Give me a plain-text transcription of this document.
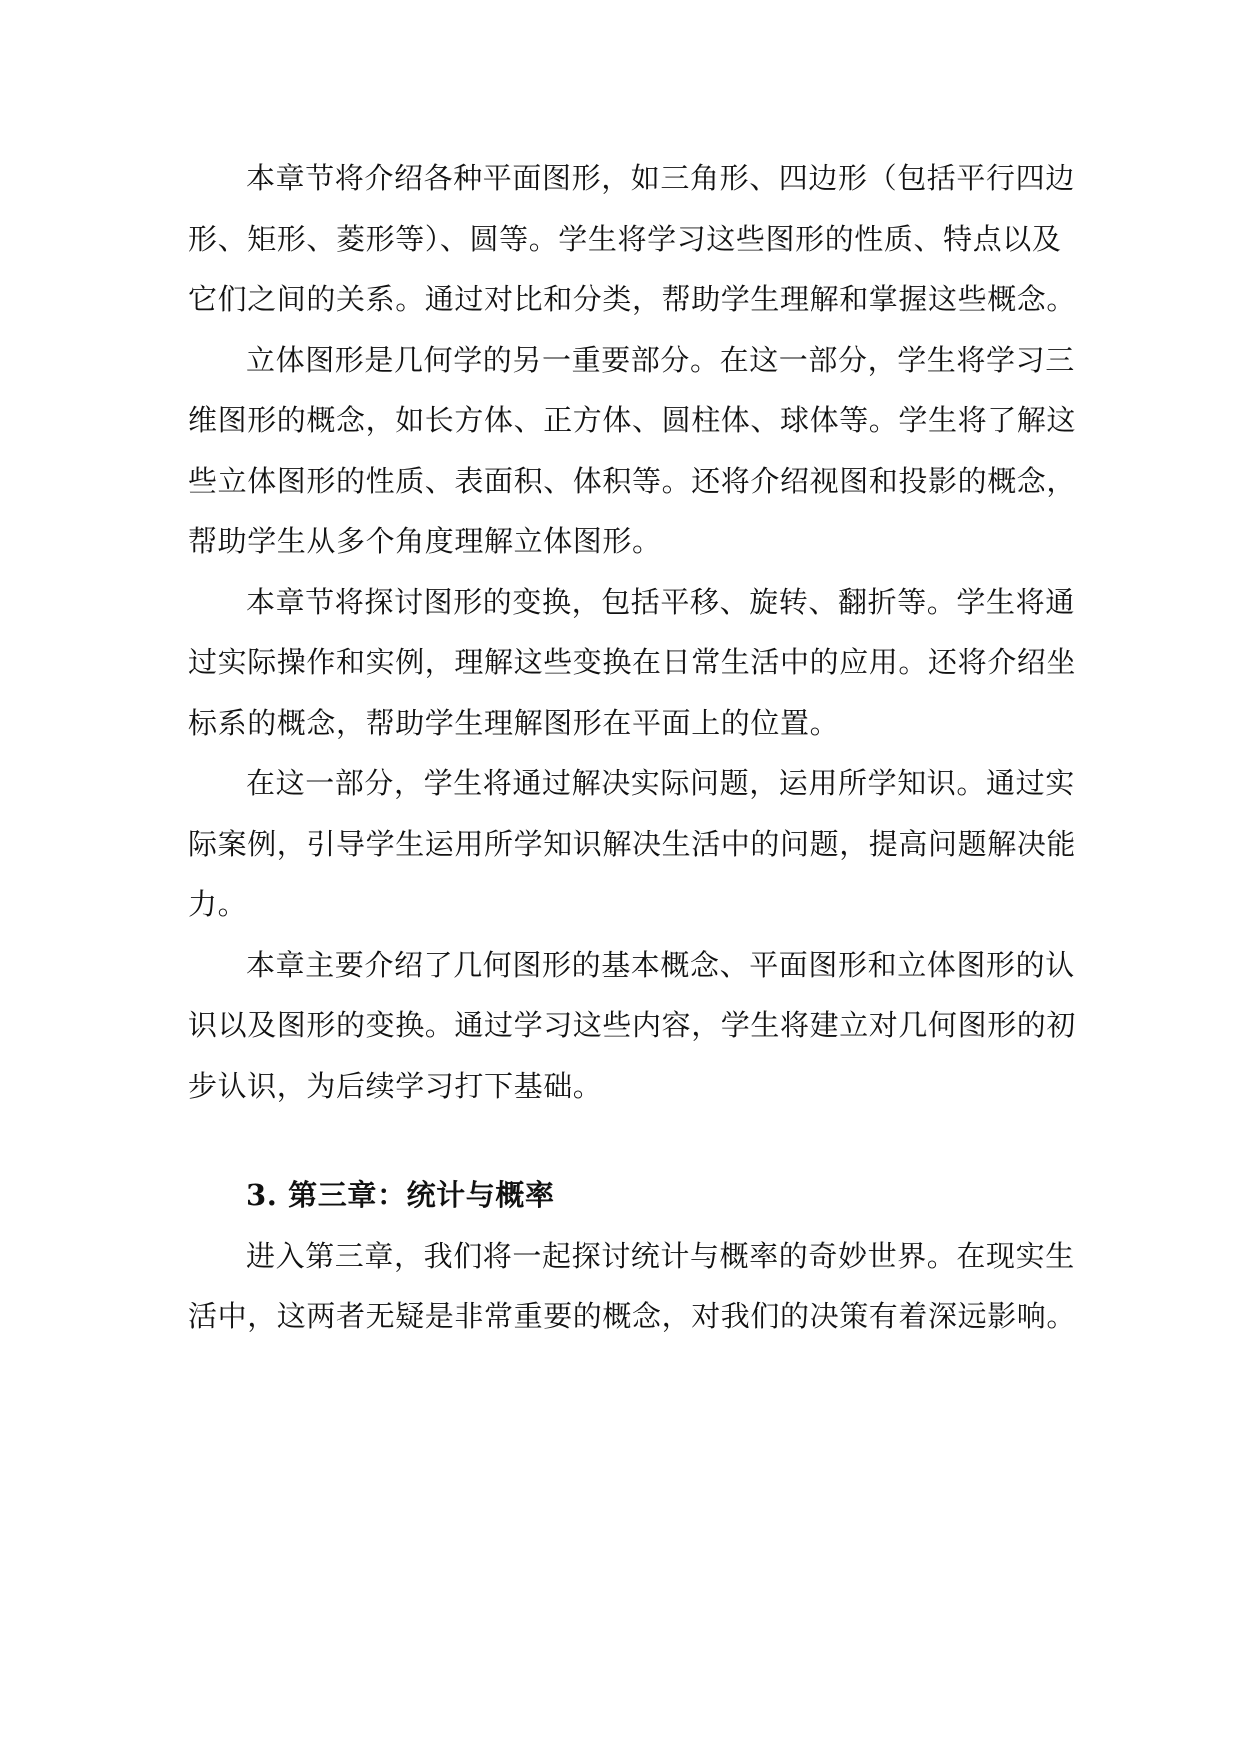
本章节将介绍各种平面图形，如三角形、四边形（包括平行四边
形、矩形、菱形等）、圆等。学生将学习这些图形的性质、特点以及
它们之间的关系。通过对比和分类，帮助学生理解和掌握这些概念。

立体图形是几何学的另一重要部分。在这一部分，学生将学习三
维图形的概念，如长方体、正方体、圆柱体、球体等。学生将了解这
些立体图形的性质、表面积、体积等。还将介绍视图和投影的概念，
帮助学生从多个角度理解立体图形。

本章节将探讨图形的变换，包括平移、旋转、翻折等。学生将通
过实际操作和实例，理解这些变换在日常生活中的应用。还将介绍坐
标系的概念，帮助学生理解图形在平面上的位置。

在这一部分，学生将通过解决实际问题，运用所学知识。通过实
际案例，引导学生运用所学知识解决生活中的问题，提高问题解决能
力。

本章主要介绍了几何图形的基本概念、平面图形和立体图形的认
识以及图形的变换。通过学习这些内容，学生将建立对几何图形的初
步认识，为后续学习打下基础。

3. 第三章：统计与概率

进入第三章，我们将一起探讨统计与概率的奇妙世界。在现实生
活中，这两者无疑是非常重要的概念，对我们的决策有着深远影响。
